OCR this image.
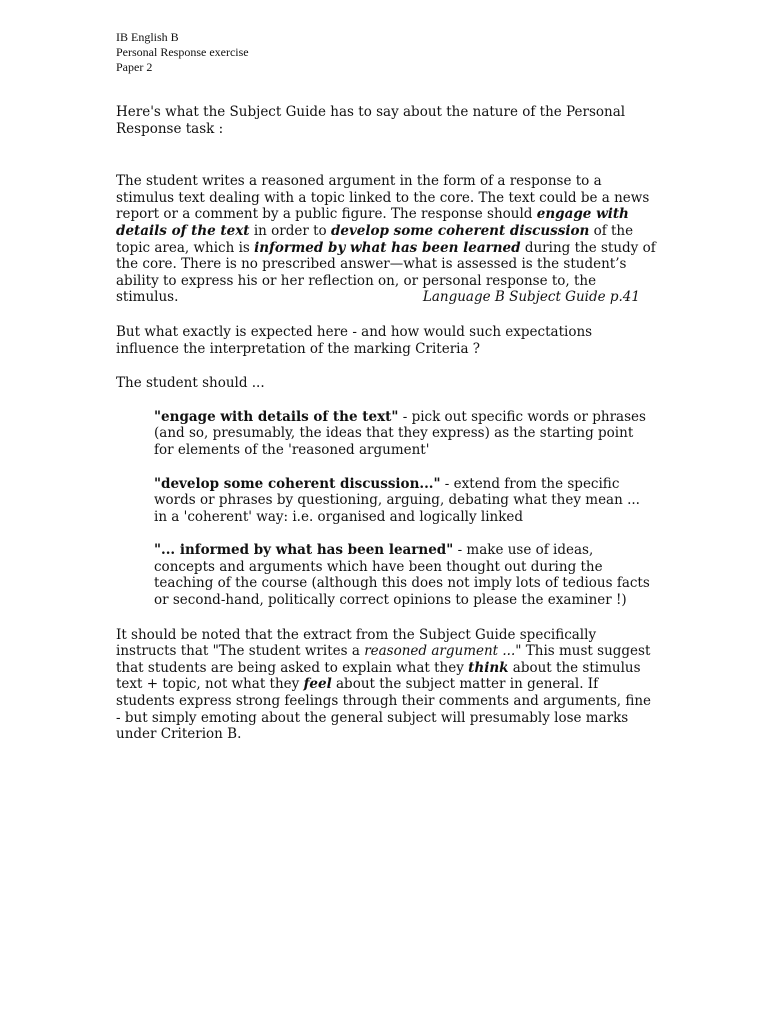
IB English B
Personal Response exercise
Paper 2

Here's what the Subject Guide has to say about the nature of the Personal Response task :

The student writes a reasoned argument in the form of a response to a stimulus text dealing with a topic linked to the core. The text could be a news report or a comment by a public figure. The response should engage with details of the text in order to develop some coherent discussion of the topic area, which is informed by what has been learned during the study of the core. There is no prescribed answer—what is assessed is the student’s ability to express his or her reflection on, or personal response to, the stimulus.	Language B Subject Guide p.41

But what exactly is expected here - and how would such expectations influence the interpretation of the marking Criteria ?

The student should ...

"engage with details of the text" - pick out specific words or phrases (and so, presumably, the ideas that they express) as the starting point for elements of the 'reasoned argument'

"develop some coherent discussion..." - extend from the specific words or phrases by questioning, arguing, debating what they mean ... in a 'coherent' way: i.e. organised and logically linked

"... informed by what has been learned" - make use of ideas, concepts and arguments which have been thought out during the teaching of the course (although this does not imply lots of tedious facts or second-hand, politically correct opinions to please the examiner !)

It should be noted that the extract from the Subject Guide specifically instructs that "The student writes a reasoned argument ..." This must suggest that students are being asked to explain what they think about the stimulus text + topic, not what they feel about the subject matter in general. If students express strong feelings through their comments and arguments, fine - but simply emoting about the general subject will presumably lose marks under Criterion B.
